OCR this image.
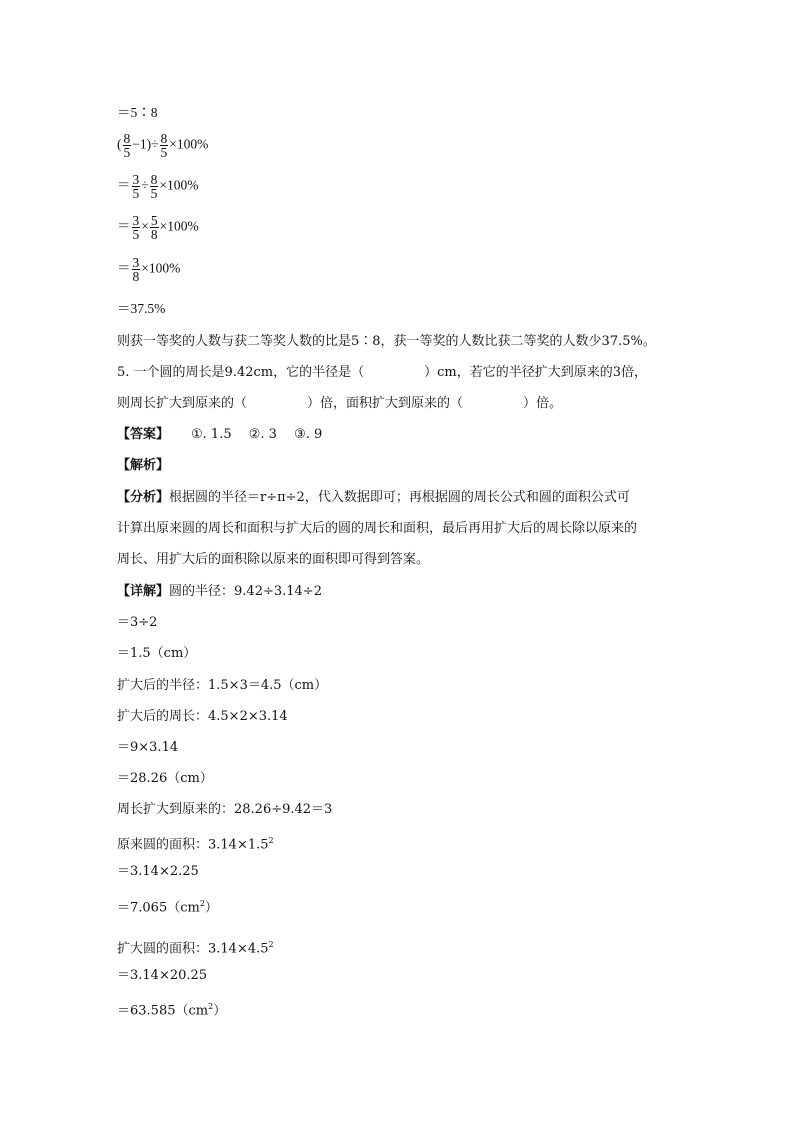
＝5∶8
( $\frac{8}{5} -1)\div \frac{8}{5} \times 100\%$
＝ $\frac{3}{5} \div \frac{8}{5} \times 100\%$
＝ $\frac{3}{5} \times \frac{5}{8} \times 100\%$
＝ $\frac{3}{8} \times 100\%$
＝37.5%
则获一等奖的人数与获二等奖人数的比是5∶8，获一等奖的人数比获二等奖的人数少37.5%。
5. 一个圆的周长是9.42cm，它的半径是（	）cm，若它的半径扩大到原来的3倍，
则周长扩大到原来的（	）倍，面积扩大到原来的（	）倍。
【答案】 ①. 1.5　 ②. 3　 ③. 9
【解析】
【分析】根据圆的半径＝r÷π÷2，代入数据即可；再根据圆的周长公式和圆的面积公式可
计算出原来圆的周长和面积与扩大后的圆的周长和面积，最后再用扩大后的周长除以原来的
周长、用扩大后的面积除以原来的面积即可得到答案。
【详解】圆的半径：9.42÷3.14÷2
＝3÷2
＝1.5（cm）
扩大后的半径：1.5×3＝4.5（cm）
扩大后的周长：4.5×2×3.14
＝9×3.14
＝28.26（cm）
周长扩大到原来的：28.26÷9.42＝3
原来圆的面积：$3.14\times 1.5^2$
＝3.14×2.25
$=7.065(cm^2)$
扩大圆的面积：$3.14\times 4.5^2$
＝3.14×20.25
$=63.585(cm^2)$
